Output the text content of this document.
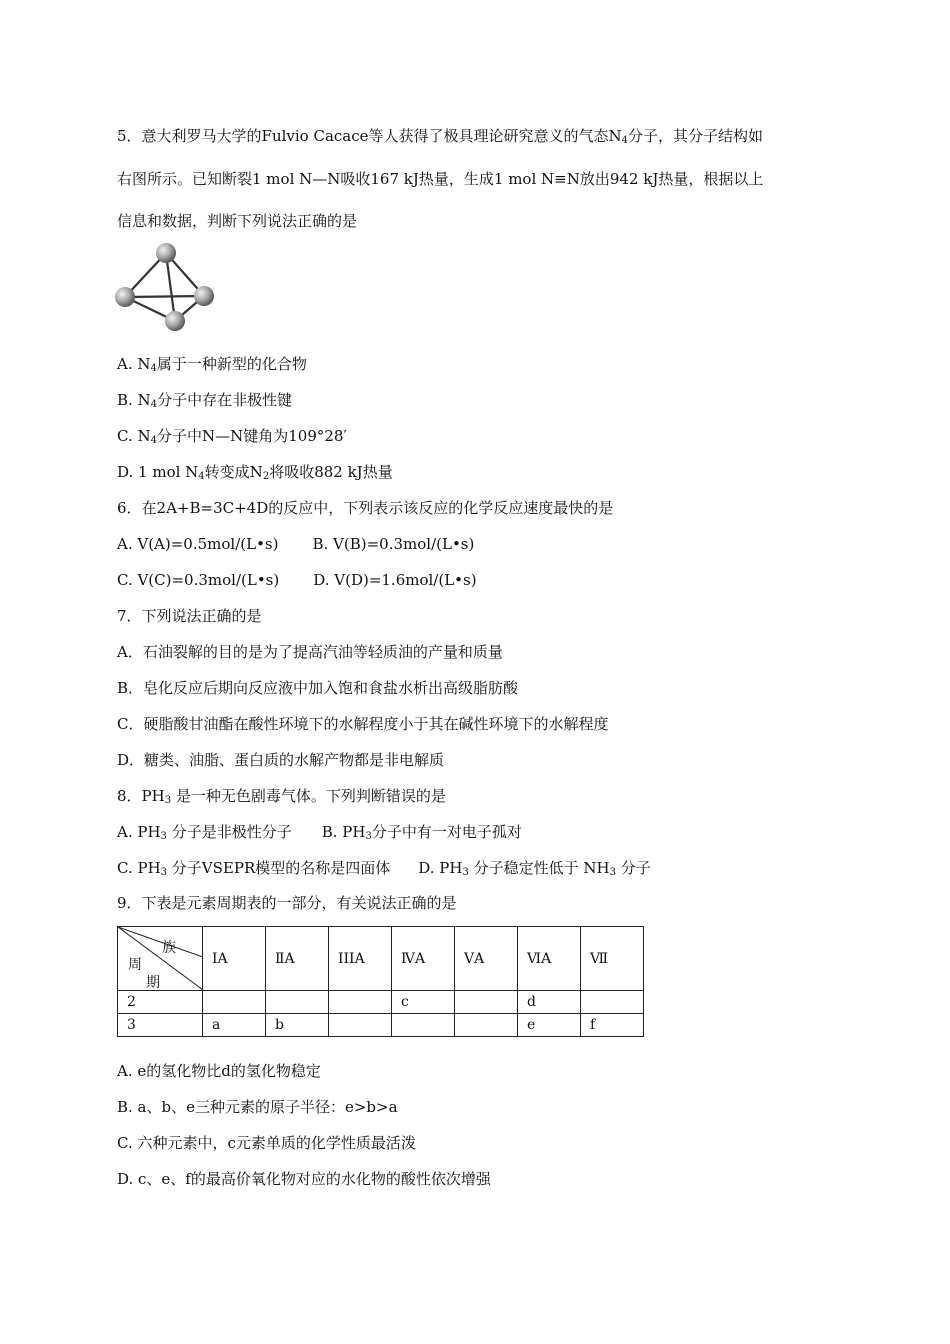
5．意大利罗马大学的Fulvio Cacace等人获得了极具理论研究意义的气态$N_4$分子，其分子结构如
右图所示。已知断裂1 mol N—N吸收167 kJ热量，生成1 mol N≡N放出942 kJ热量，根据以上
信息和数据，判断下列说法正确的是
A. $N_4$属于一种新型的化合物
B. $N_4$分子中存在非极性键
C. $N_4$分子中N—N键角为109°28′
D. 1 mol $N_4$转变成$N_2$将吸收882 kJ热量
6．在2A+B=3C+4D的反应中，下列表示该反应的化学反应速度最快的是
A. V(A)=0.5mol/(L•s) B. V(B)=0.3mol/(L•s)
C. V(C)=0.3mol/(L•s) D. V(D)=1.6mol/(L•s)
7．下列说法正确的是
A．石油裂解的目的是为了提高汽油等轻质油的产量和质量
B．皂化反应后期向反应液中加入饱和食盐水析出高级脂肪酸
C．硬脂酸甘油酯在酸性环境下的水解程度小于其在碱性环境下的水解程度
D．糖类、油脂、蛋白质的水解产物都是非电解质
8．$PH_3$ 是一种无色剧毒气体。下列判断错误的是
A. $PH_3$ 分子是非极性分子 B. $PH_3$分子中有一对电子孤对
C. $PH_3$ 分子VSEPR模型的名称是四面体 D. $PH_3$ 分子稳定性低于 $NH_3$ 分子
9．下表是元素周期表的一部分，有关说法正确的是
族
周
期	IA	ⅡA	IIIA	ⅣA	ⅤA	ⅥA	Ⅶ
2				c		d	
3	a	b				e	f
A. e的氢化物比d的氢化物稳定
B. a、b、e三种元素的原子半径：e>b>a
C. 六种元素中，c元素单质的化学性质最活泼
D. c、e、f的最高价氧化物对应的水化物的酸性依次增强
